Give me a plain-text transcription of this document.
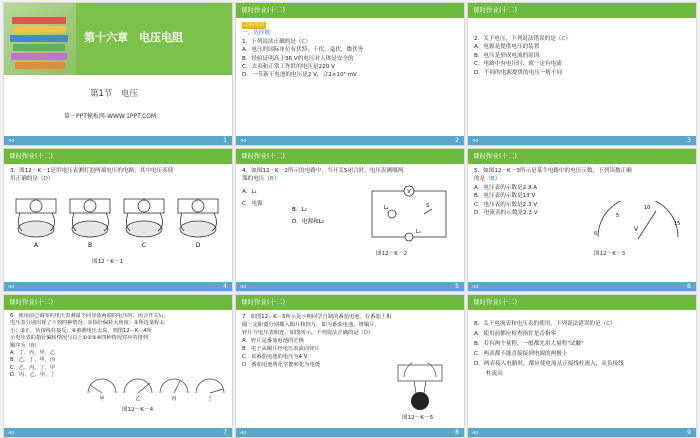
第十六章　电压电阻
第1节　电压
第一PPT模板网-WWW.1PPT.COM
◃◃	1
课时作业(十二)

达标巩固

一、选择题

1．下列说法正确的是（C）

A．电压的国际单位有伏特、千伏、毫伏、微伏等

B．经验证明高于36 V的电压对人体是安全的

C．去表和正常工作时的电压是220 V

D．一节新干电池的电压是2 V，合2×10³ mV

◃◃	2
课时作业(十二)

2．关于电压，下列说法错误的是（C）

A．电源是提供电压的装置

B．电压是形成电流的原因

C．电路中有电压时，就一定有电流

D．不同的电源提供的电压一般不同

◃◃	3
课时作业(十二)

3．图12－K－1是用电压表测灯泡两端电压的电路，其中电压表使

用正确的是（D）

A	B	C	D
图12－K－1
◃◃	4
课时作业(十二)

4．如图12－K－2所示的电路中，当开关S闭合时，电压表测哪两

端的电压（B）

A．L₁

C．电源

B．L₂
D．电源和L₂
V
L₁	S
L₂
图12－K－2
◃◃	5
课时作业(十二)

5．如图12－K－3所示是某个电路中的电压示数，下列读数正确

的是（B）

A．电压表的示数是2.3 A

B．电压表的示数是13 V

C．电压表的示数是2.3 V

D．电流表的示数是2.3 V	5
10
0
15
V
图12－K－3
◃◃	6
课时作业(十二)

6．使用前已调零的电压表测量不同导体两端的电压时，闭合开关后，

电压表分别出现了下列四种情况：①指针偏转大角度；②所选量程太

小；③正、负接线柱接反；④被测电压太高，则图12－K－4所

示电压表的指针偏转情况与以上①②③④四种情况对应的排列

顺序为（B）

A．丁、丙、甲、乙

B．乙、丁、甲、丙

C．乙、丙、丁、甲

D．丙、乙、甲、丁

甲	乙	丙	丁
图12－K－4
◃◃	7
课时作业(十二)

7．如图12－K－5所示是小明同学自制的番茄电池，在番茄上相

隔一定距离分别插入铜片和锌片，即为番茄电池。将铜片、

锌片与电压表相连，如图所示。下列说法正确的是（D）

A．锌片是番茄电池的正极

B．电子从铜片经电压表流向锌片

C．该番茄电池的电压为4 V

D．番茄电池将化学能转化为电能

图12－K－5
◃◃	8
课时作业(十二)

8．关于电流表和电压表的使用，下列说法错误的是（C）

A．使用前都应检查指针是否指零

B．若有两个量程，一般都先用大量程"试触"

C．两表都不能直接接到电源的两极上

D．两表接入电路时，都应使电流从正接线柱流入，从负接线

柱流出

◃◃	9
